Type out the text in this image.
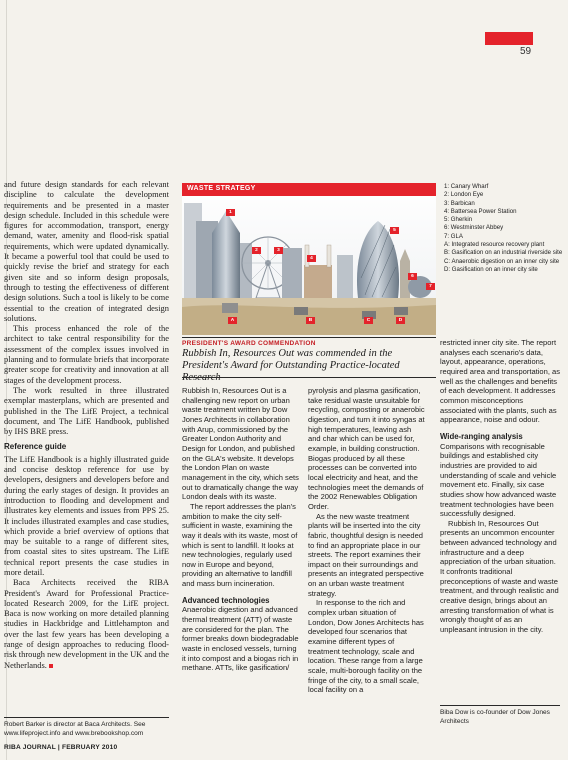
59

and future design standards for each relevant discipline to calculate the development requirements and be presented in a master design schedule. Included in this schedule were figures for accommodation, transport, energy demand, water, amenity and flood-risk spatial requirements, which were updated dynamically. It became a powerful tool that could be used to quickly revise the brief and strategy for each given site and so inform design proposals, through to testing the effectiveness of different design solutions. Such a tool is likely to be come essential to the creation of integrated design solutions.

This process enhanced the role of the architect to take central responsibility for the assessment of the complex issues involved in planning and to formulate briefs that incorporate greater scope for creativity and innovation at all stages of the development process.

The work resulted in three illustrated exemplar masterplans, which are presented and published in the The LifE Project, a technical document, and The LifE Handbook, published by IHS BRE press.

Reference guide

The LifE Handbook is a highly illustrated guide and concise desktop reference for use by developers, designers and developers before and during the early stages of design. It provides an introduction to flooding and development and illustrates key elements and issues from PPS 25. It includes illustrated examples and case studies, which provide a brief overview of options that may be suitable to a range of different sites, from coastal sites to sites upstream. The LifE technical report presents the case studies in more detail.

Baca Architects received the RIBA President's Award for Professional Practice-located Research 2009, for the LifE project. Baca is now working on more detailed planning studies in Hackbridge and Littlehampton and over the last few years has been developing a range of design approaches to reducing flood-risk through new development in the UK and the Netherlands.

Robert Barker is director at Baca Architects. See www.lifeproject.info and www.brebookshop.com
RIBA JOURNAL | FEBRUARY 2010
1
2	3
4
5
6
7
A	B	C	D
WASTE STRATEGY	1: Canary Wharf
2: London Eye
3: Barbican
4: Battersea Power Station
5: Gherkin
6: Westminster Abbey
7: GLA
A: Integrated resource recovery plant
B: Gasification on an industrial riverside site
C: Anaerobic digestion on an inner city site
D: Gasification on an inner city site
PRESIDENT'S AWARD COMMENDATION
Rubbish In, Resources Out was commended in the President's Award for Outstanding Practice-located

Rubbish In, Resources Out is a challenging new report on urban waste treatment written by Dow Jones Architects in collaboration with Arup, commissioned by the Greater London Authority and Design for London, and published on the GLA's website. It develops the London Plan on waste management in the city, which sets out to dramatically change the way London deals with its waste.

The report addresses the plan's ambition to make the city self-sufficient in waste, examining the way it deals with its waste, most of which is sent to landfill. It looks at new technologies, regularly used now in Europe and beyond, providing an alternative to landfill and mass burn incineration.

Advanced technologies

Anaerobic digestion and advanced thermal treatment (ATT) of waste are considered for the plan. The former breaks down biodegradable waste in enclosed vessels, turning it into compost and a biogas rich in methane. ATTs, like gasification/

pyrolysis and plasma gasification, take residual waste unsuitable for recycling, composting or anaerobic digestion, and turn it into syngas at high temperatures, leaving ash and char which can be used for, example, in building construction. Biogas produced by all these processes can be converted into local electricity and heat, and the technologies meet the demands of the 2002 Renewables Obligation Order.

As the new waste treatment plants will be inserted into the city fabric, thoughtful design is needed to find an appropriate place in our streets. The report examines their impact on their surroundings and presents an integrated perspective on an urban waste treatment strategy.

In response to the rich and complex urban situation of London, Dow Jones Architects has developed four scenarios that examine different types of treatment technology, scale and location. These range from a large scale, multi-borough facility on the fringe of the city, to a small scale, local facility on a

restricted inner city site. The report analyses each scenario's data, layout, appearance, operations, required area and transportation, as well as the challenges and benefits of each development. It addresses common misconceptions associated with the plants, such as appearance, noise and odour.

Wide-ranging analysis

Comparisons with recognisable buildings and established city industries are provided to aid understanding of scale and vehicle movement etc. Finally, six case studies show how advanced waste treatment technologies have been successfully designed.

Rubbish In, Resources Out presents an uncommon encounter between advanced technology and infrastructure and a deep appreciation of the urban situation. It confronts traditional preconceptions of waste and waste treatment, and through realistic and creative design, brings about an arresting transformation of what is wrongly thought of as an unpleasant intrusion in the city.

Biba Dow is co-founder of Dow Jones Architects
